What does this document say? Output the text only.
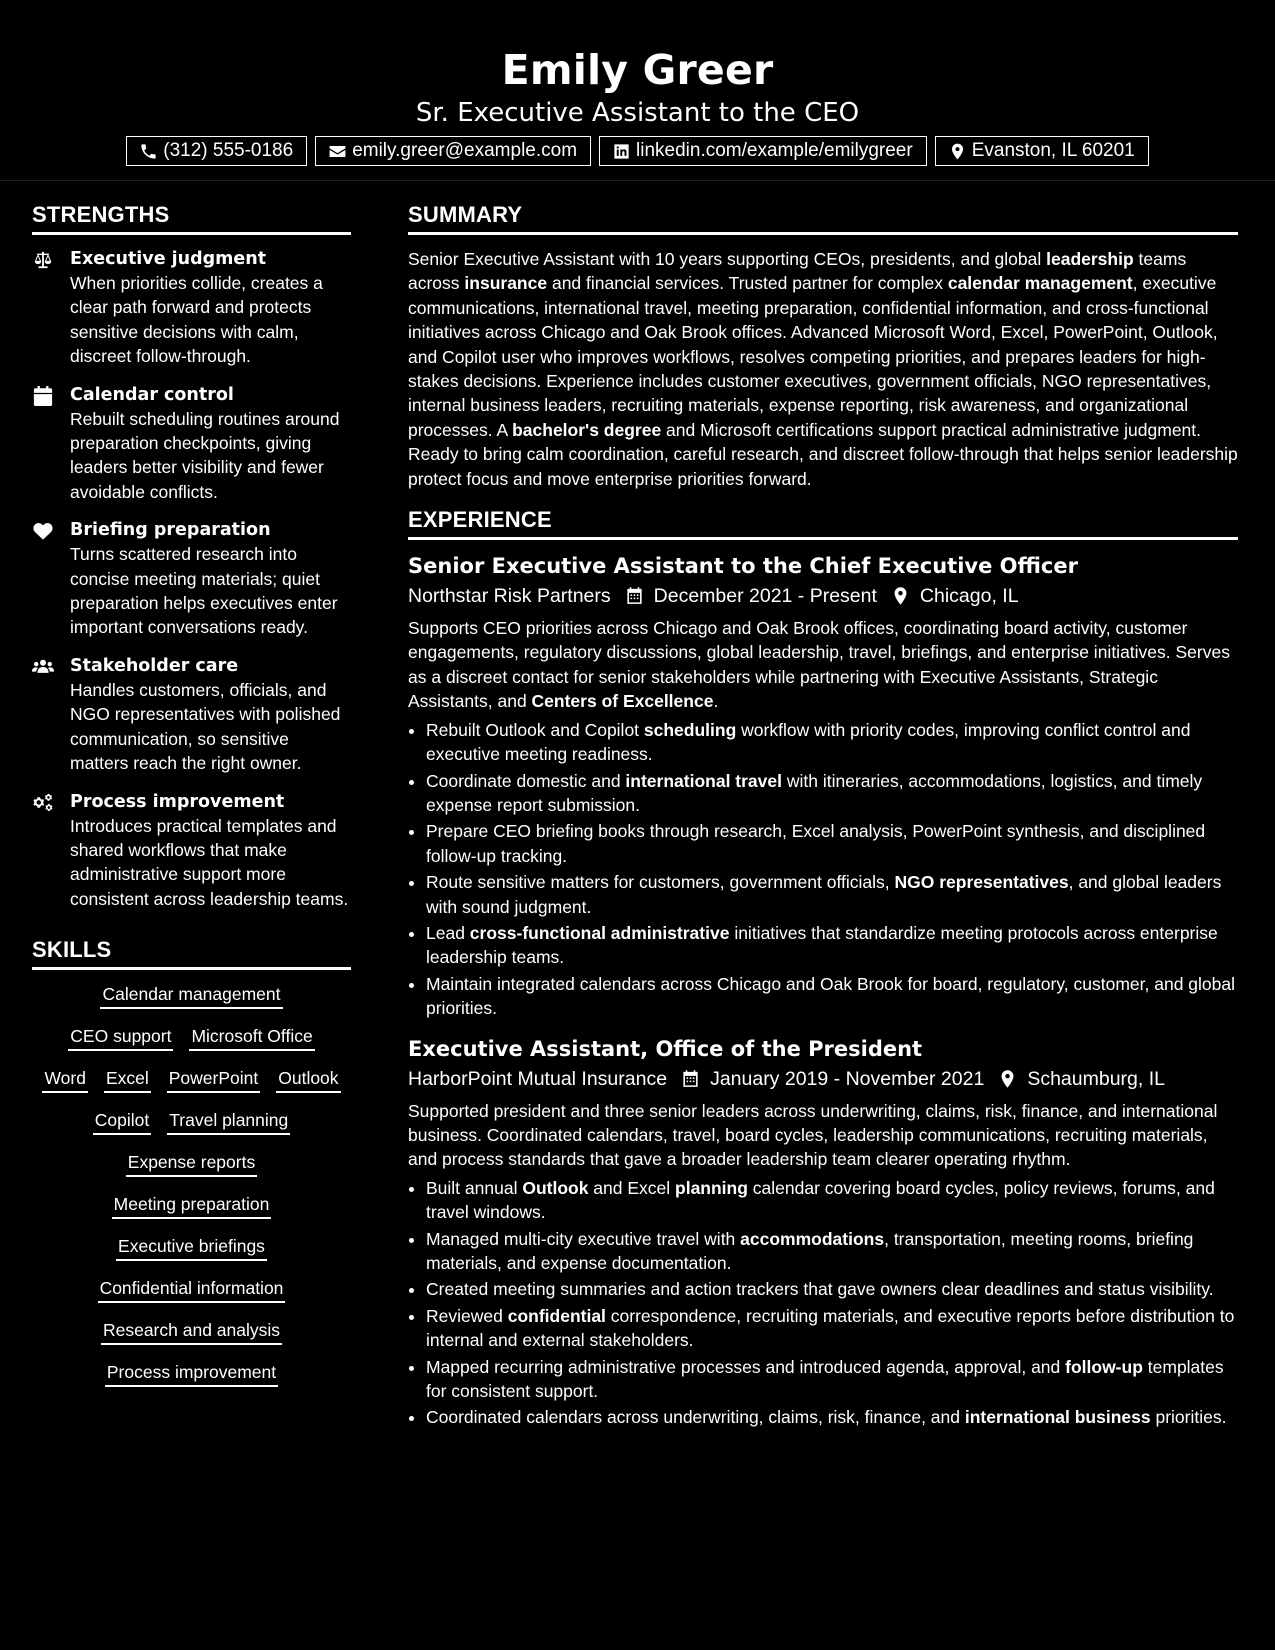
Emily Greer
Sr. Executive Assistant to the CEO
(312) 555-0186	emily.greer@example.com	linkedin.com/example/emilygreer	Evanston, IL 60201
STRENGTHS
Executive judgment
When priorities collide, creates a clear path forward and protects sensitive decisions with calm, discreet follow-through.
Calendar control
Rebuilt scheduling routines around preparation checkpoints, giving leaders better visibility and fewer avoidable conflicts.
Briefing preparation
Turns scattered research into concise meeting materials; quiet preparation helps executives enter important conversations ready.
Stakeholder care
Handles customers, officials, and NGO representatives with polished communication, so sensitive matters reach the right owner.
Process improvement
Introduces practical templates and shared workflows that make administrative support more consistent across leadership teams.
SKILLS
Calendar management
CEO support Microsoft Office
Word Excel PowerPoint Outlook
Copilot Travel planning
Expense reports
Meeting preparation
Executive briefings
Confidential information
Research and analysis
Process improvement
SUMMARY
Senior Executive Assistant with 10 years supporting CEOs, presidents, and global leadership teams across insurance and financial services. Trusted partner for complex calendar management, executive communications, international travel, meeting preparation, confidential information, and cross-functional initiatives across Chicago and Oak Brook offices. Advanced Microsoft Word, Excel, PowerPoint, Outlook, and Copilot user who improves workflows, resolves competing priorities, and prepares leaders for high-stakes decisions. Experience includes customer executives, government officials, NGO representatives, internal business leaders, recruiting materials, expense reporting, risk awareness, and organizational processes. A bachelor's degree and Microsoft certifications support practical administrative judgment. Ready to bring calm coordination, careful research, and discreet follow-through that helps senior leadership protect focus and move enterprise priorities forward.
EXPERIENCE
Senior Executive Assistant to the Chief Executive Officer
Northstar Risk Partners December 2021 - Present Chicago, IL
Supports CEO priorities across Chicago and Oak Brook offices, coordinating board activity, customer engagements, regulatory discussions, global leadership, travel, briefings, and enterprise initiatives. Serves as a discreet contact for senior stakeholders while partnering with Executive Assistants, Strategic Assistants, and Centers of Excellence.
• Rebuilt Outlook and Copilot scheduling workflow with priority codes, improving conflict control and executive meeting readiness.
• Coordinate domestic and international travel with itineraries, accommodations, logistics, and timely expense report submission.
• Prepare CEO briefing books through research, Excel analysis, PowerPoint synthesis, and disciplined follow-up tracking.
• Route sensitive matters for customers, government officials, NGO representatives, and global leaders with sound judgment.
• Lead cross-functional administrative initiatives that standardize meeting protocols across enterprise leadership teams.
• Maintain integrated calendars across Chicago and Oak Brook for board, regulatory, customer, and global priorities.
Executive Assistant, Office of the President
HarborPoint Mutual Insurance January 2019 - November 2021 Schaumburg, IL
Supported president and three senior leaders across underwriting, claims, risk, finance, and international business. Coordinated calendars, travel, board cycles, leadership communications, recruiting materials, and process standards that gave a broader leadership team clearer operating rhythm.
• Built annual Outlook and Excel planning calendar covering board cycles, policy reviews, forums, and travel windows.
• Managed multi-city executive travel with accommodations, transportation, meeting rooms, briefing materials, and expense documentation.
• Created meeting summaries and action trackers that gave owners clear deadlines and status visibility.
• Reviewed confidential correspondence, recruiting materials, and executive reports before distribution to internal and external stakeholders.
• Mapped recurring administrative processes and introduced agenda, approval, and follow-up templates for consistent support.
• Coordinated calendars across underwriting, claims, risk, finance, and international business priorities.
